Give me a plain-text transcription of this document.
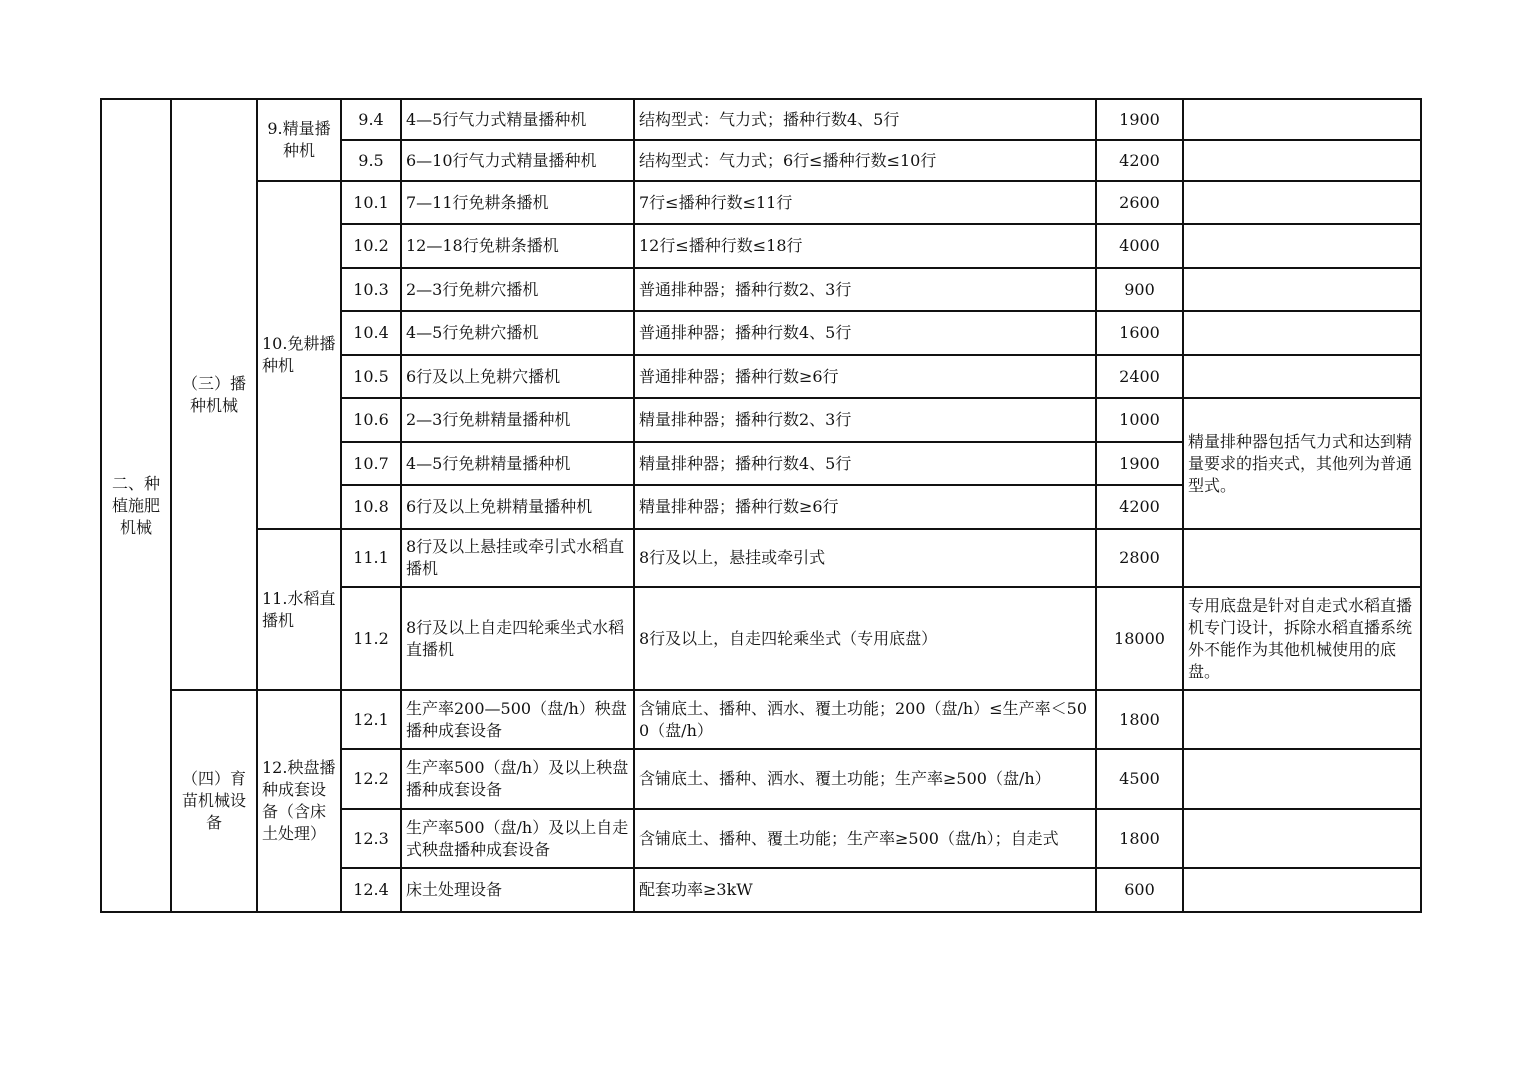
二、种植施肥机械	（三）播种机械	9.精量播种机	9.4	4—5行气力式精量播种机	结构型式：气力式；播种行数4、5行	1900	
			9.5	6—10行气力式精量播种机	结构型式：气力式；6行≤播种行数≤10行	4200	
		10.免耕播种机	10.1	7—11行免耕条播机	7行≤播种行数≤11行	2600	
			10.2	12—18行免耕条播机	12行≤播种行数≤18行	4000	
			10.3	2—3行免耕穴播机	普通排种器；播种行数2、3行	900	
			10.4	4—5行免耕穴播机	普通排种器；播种行数4、5行	1600	
			10.5	6行及以上免耕穴播机	普通排种器；播种行数≥6行	2400	
			10.6	2—3行免耕精量播种机	精量排种器；播种行数2、3行	1000	精量排种器包括气力式和达到精量要求的指夹式，其他列为普通型式。
			10.7	4—5行免耕精量播种机	精量排种器；播种行数4、5行	1900	
			10.8	6行及以上免耕精量播种机	精量排种器；播种行数≥6行	4200	
		11.水稻直播机	11.1	8行及以上悬挂或牵引式水稻直播机	8行及以上，悬挂或牵引式	2800	
			11.2	8行及以上自走四轮乘坐式水稻直播机	8行及以上，自走四轮乘坐式（专用底盘）	18000	专用底盘是针对自走式水稻直播机专门设计，拆除水稻直播系统外不能作为其他机械使用的底盘。
	（四）育苗机械设备	12.秧盘播种成套设备（含床土处理）	12.1	生产率200—500（盘/h）秧盘播种成套设备	含铺底土、播种、洒水、覆土功能；200（盘/h）≤生产率＜500（盘/h）	1800	
			12.2	生产率500（盘/h）及以上秧盘播种成套设备	含铺底土、播种、洒水、覆土功能；生产率≥500（盘/h）	4500	
			12.3	生产率500（盘/h）及以上自走式秧盘播种成套设备	含铺底土、播种、覆土功能；生产率≥500（盘/h）；自走式	1800	
			12.4	床土处理设备	配套功率≥3kW	600	
